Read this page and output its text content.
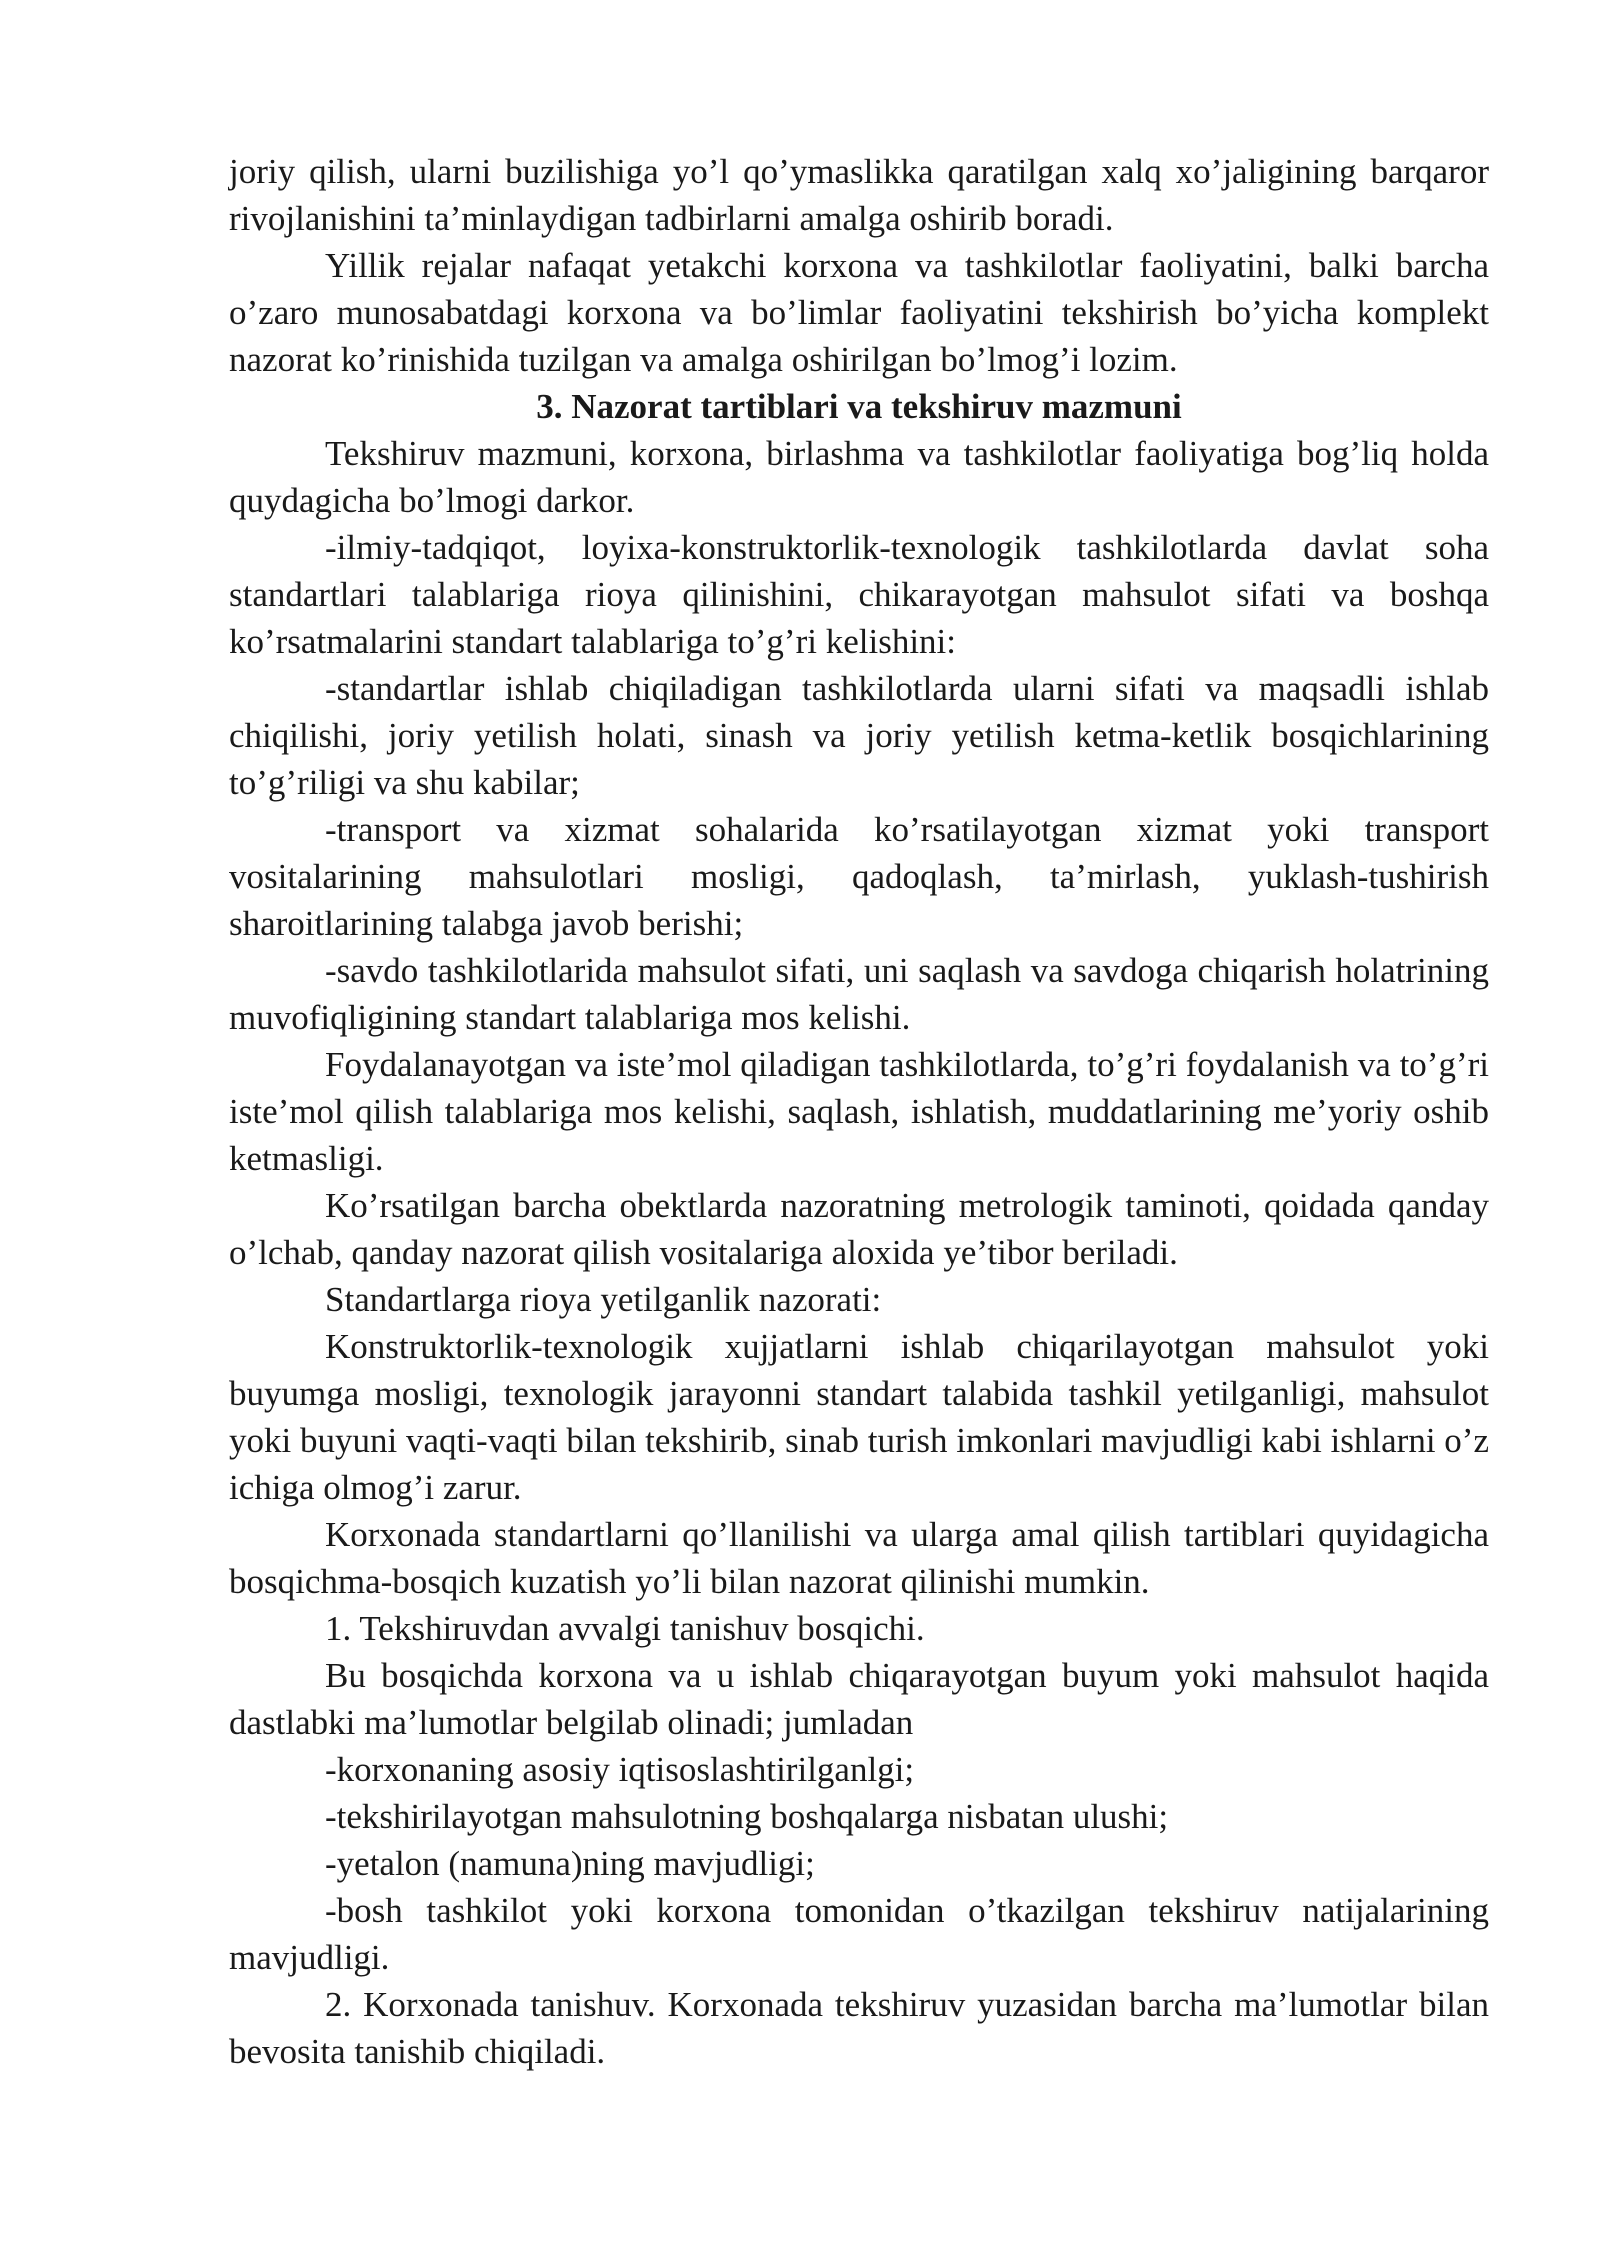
joriy qilish, ularni buzilishiga yo’l qo’ymaslikka qaratilgan xalq xo’jaligining barqaror rivojlanishini ta’minlaydigan tadbirlarni amalga oshirib boradi.

Yillik rejalar nafaqat yetakchi korxona va tashkilotlar faoliyatini, balki barcha o’zaro munosabatdagi korxona va bo’limlar faoliyatini tekshirish bo’yicha komplekt nazorat ko’rinishida tuzilgan va amalga oshirilgan bo’lmog’i lozim.

3. Nazorat tartiblari va tekshiruv mazmuni

Tekshiruv mazmuni, korxona, birlashma va tashkilotlar faoliyatiga bog’liq holda quydagicha bo’lmogi darkor.

-ilmiy-tadqiqot, loyixa-konstruktorlik-texnologik tashkilotlarda davlat soha standartlari talablariga rioya qilinishini, chikarayotgan mahsulot sifati va boshqa ko’rsatmalarini standart talablariga to’g’ri kelishini:

-standartlar ishlab chiqiladigan tashkilotlarda ularni sifati va maqsadli ishlab chiqilishi, joriy yetilish holati, sinash va joriy yetilish ketma-ketlik bosqichlarining to’g’riligi va shu kabilar;

-transport va xizmat sohalarida ko’rsatilayotgan xizmat yoki transport vositalarining mahsulotlari mosligi, qadoqlash, ta’mirlash, yuklash-tushirish sharoitlarining talabga javob berishi;

-savdo tashkilotlarida mahsulot sifati, uni saqlash va savdoga chiqarish holatrining muvofiqligining standart talablariga mos kelishi.

Foydalanayotgan va iste’mol qiladigan tashkilotlarda, to’g’ri foydalanish va to’g’ri iste’mol qilish talablariga mos kelishi, saqlash, ishlatish, muddatlarining me’yoriy oshib ketmasligi.

Ko’rsatilgan barcha obektlarda nazoratning metrologik taminoti, qoidada qanday o’lchab, qanday nazorat qilish vositalariga aloxida ye’tibor beriladi.

Standartlarga rioya yetilganlik nazorati:

Konstruktorlik-texnologik xujjatlarni ishlab chiqarilayotgan mahsulot yoki buyumga mosligi, texnologik jarayonni standart talabida tashkil yetilganligi, mahsulot yoki buyuni vaqti-vaqti bilan tekshirib, sinab turish imkonlari mavjudligi kabi ishlarni o’z ichiga olmog’i zarur.

Korxonada standartlarni qo’llanilishi va ularga amal qilish tartiblari quyidagicha bosqichma-bosqich kuzatish yo’li bilan nazorat qilinishi mumkin.

1. Tekshiruvdan avvalgi tanishuv bosqichi.

Bu bosqichda korxona va u ishlab chiqarayotgan buyum yoki mahsulot haqida dastlabki ma’lumotlar belgilab olinadi; jumladan

-korxonaning asosiy iqtisoslashtirilganlgi;

-tekshirilayotgan mahsulotning boshqalarga nisbatan ulushi;

-yetalon (namuna)ning mavjudligi;

-bosh tashkilot yoki korxona tomonidan o’tkazilgan tekshiruv natijalarining mavjudligi.

2. Korxonada tanishuv. Korxonada tekshiruv yuzasidan barcha ma’lumotlar bilan bevosita tanishib chiqiladi.
